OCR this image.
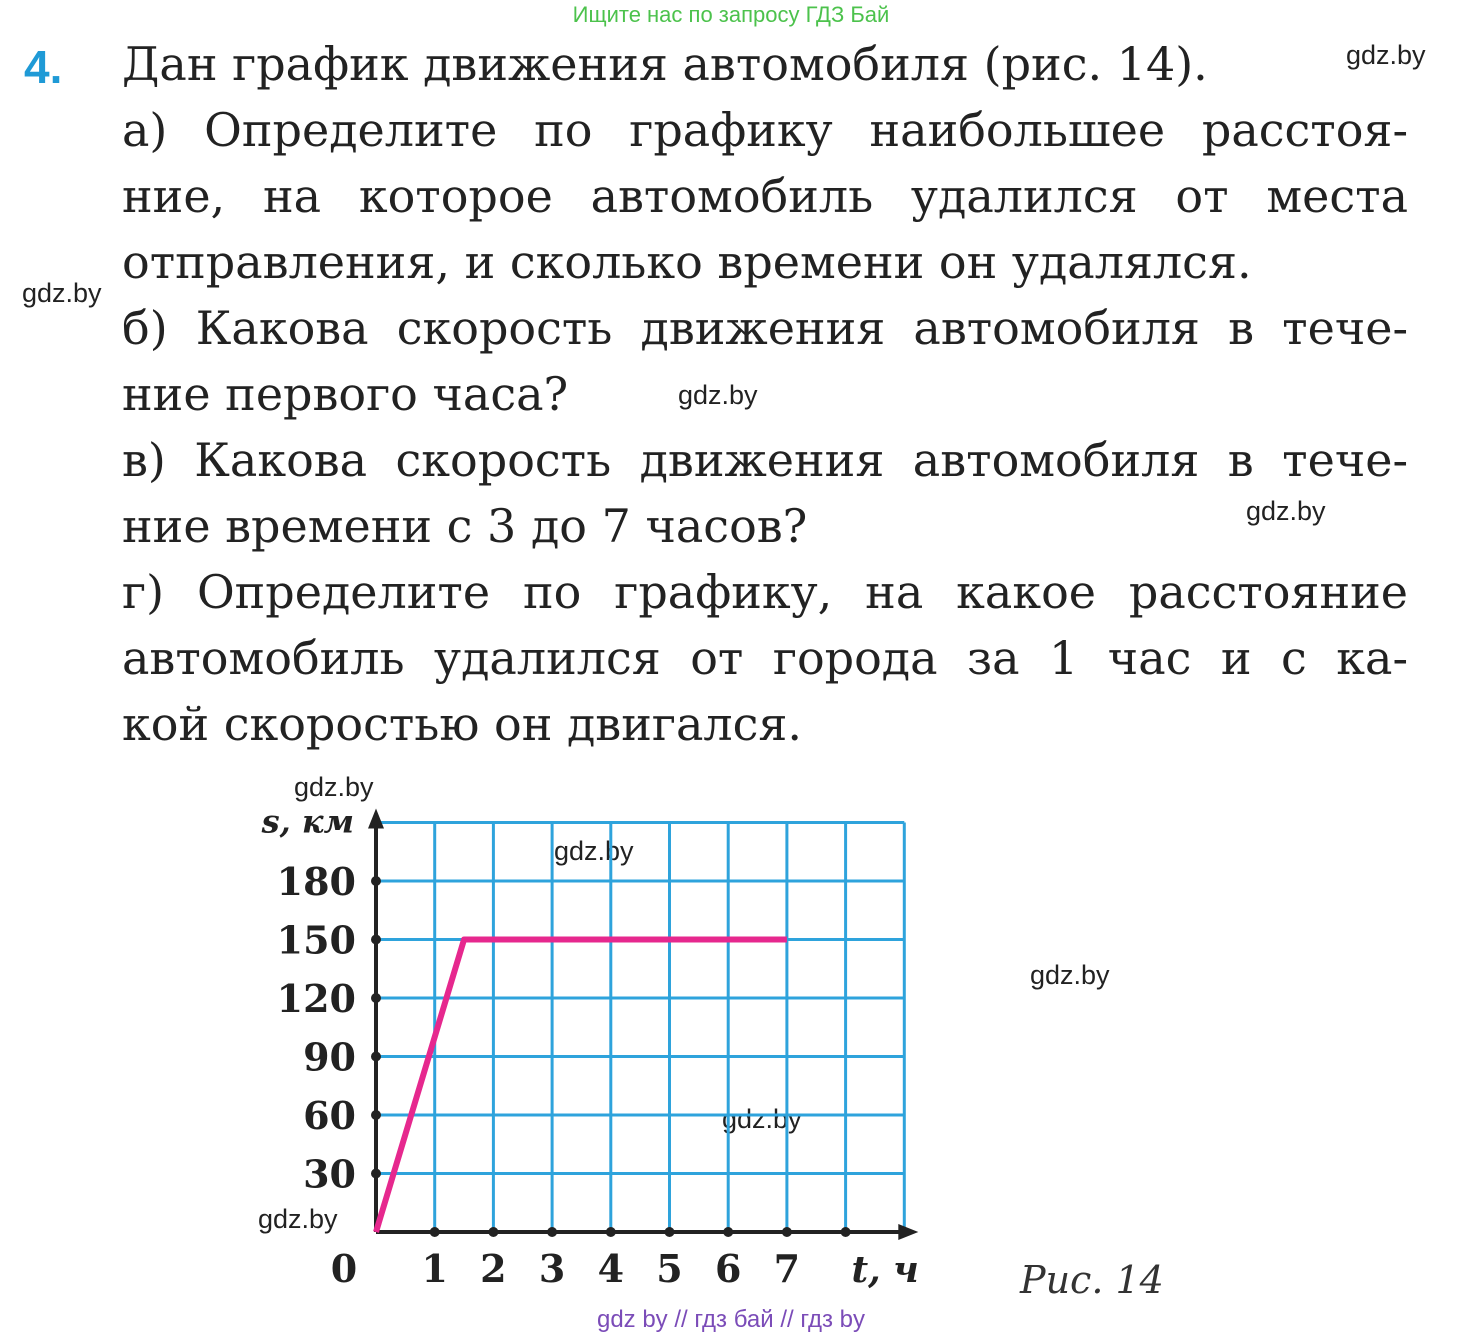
Ищите нас по запросу ГДЗ Бай
4. Дан график движения автомобиля (рис. 14).
а) Определите по графику наибольшее расстоя-
ние, на которое автомобиль удалился от места
отправления, и сколько времени он удалялся.
б) Какова скорость движения автомобиля в тече-
ние первого часа?
в) Какова скорость движения автомобиля в тече-
ние времени с 3 до 7 часов?
г) Определите по графику, на какое расстояние
автомобиль удалился от города за 1 час и с ка-
кой скоростью он двигался.
gdz.by
gdz.by
gdz.by
gdz.by
gdz.by
gdz.by
gdz.by
gdz.by
gdz.by
1 2 3 4 5 6 7
30
60
90
120
150
180
0	t, ч
s, км
Рис. 14
gdz by // гдз бай // гдз by
